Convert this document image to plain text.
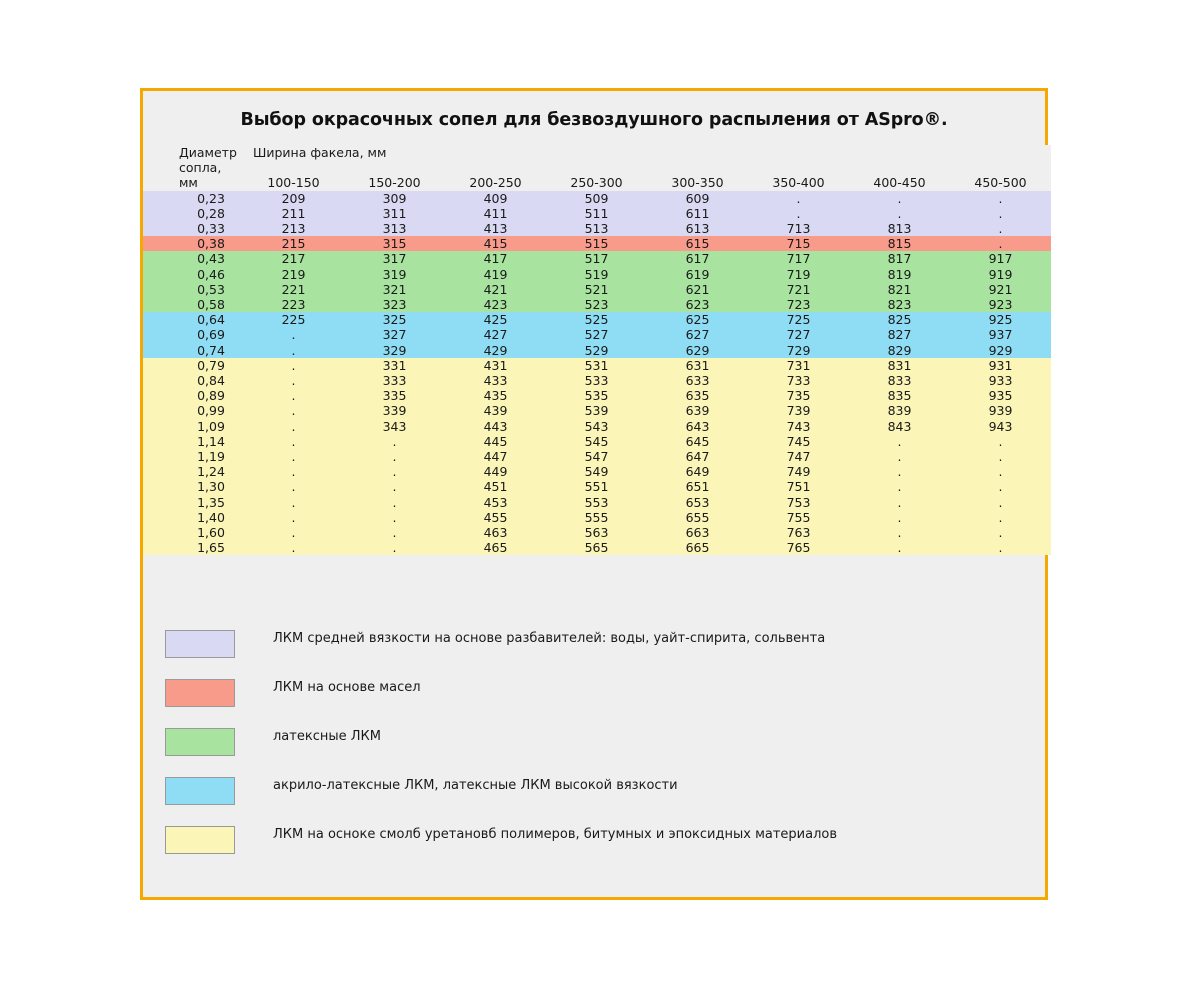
Выбор окрасочных сопел для безвоздушного распыления от ASpro®.
Диаметр	Ширина факела, мм							
сопла,								
мм	100-150	150-200	200-250	250-300	300-350	350-400	400-450	450-500
0,23	209	309	409	509	609	.	.	.
0,28	211	311	411	511	611	.	.	.
0,33	213	313	413	513	613	713	813	.
0,38	215	315	415	515	615	715	815	.
0,43	217	317	417	517	617	717	817	917
0,46	219	319	419	519	619	719	819	919
0,53	221	321	421	521	621	721	821	921
0,58	223	323	423	523	623	723	823	923
0,64	225	325	425	525	625	725	825	925
0,69	.	327	427	527	627	727	827	937
0,74	.	329	429	529	629	729	829	929
0,79	.	331	431	531	631	731	831	931
0,84	.	333	433	533	633	733	833	933
0,89	.	335	435	535	635	735	835	935
0,99	.	339	439	539	639	739	839	939
1,09	.	343	443	543	643	743	843	943
1,14	.	.	445	545	645	745	.	.
1,19	.	.	447	547	647	747	.	.
1,24	.	.	449	549	649	749	.	.
1,30	.	.	451	551	651	751	.	.
1,35	.	.	453	553	653	753	.	.
1,40	.	.	455	555	655	755	.	.
1,60	.	.	463	563	663	763	.	.
1,65	.	.	465	565	665	765	.	.
ЛКМ средней вязкости на основе разбавителей: воды, уайт-спирита, сольвента
ЛКМ на основе масел
латексные ЛКМ
акрило-латексные ЛКМ, латексные ЛКМ высокой вязкости
ЛКМ на осноке смолб уретановб полимеров, битумных и эпоксидных материалов
